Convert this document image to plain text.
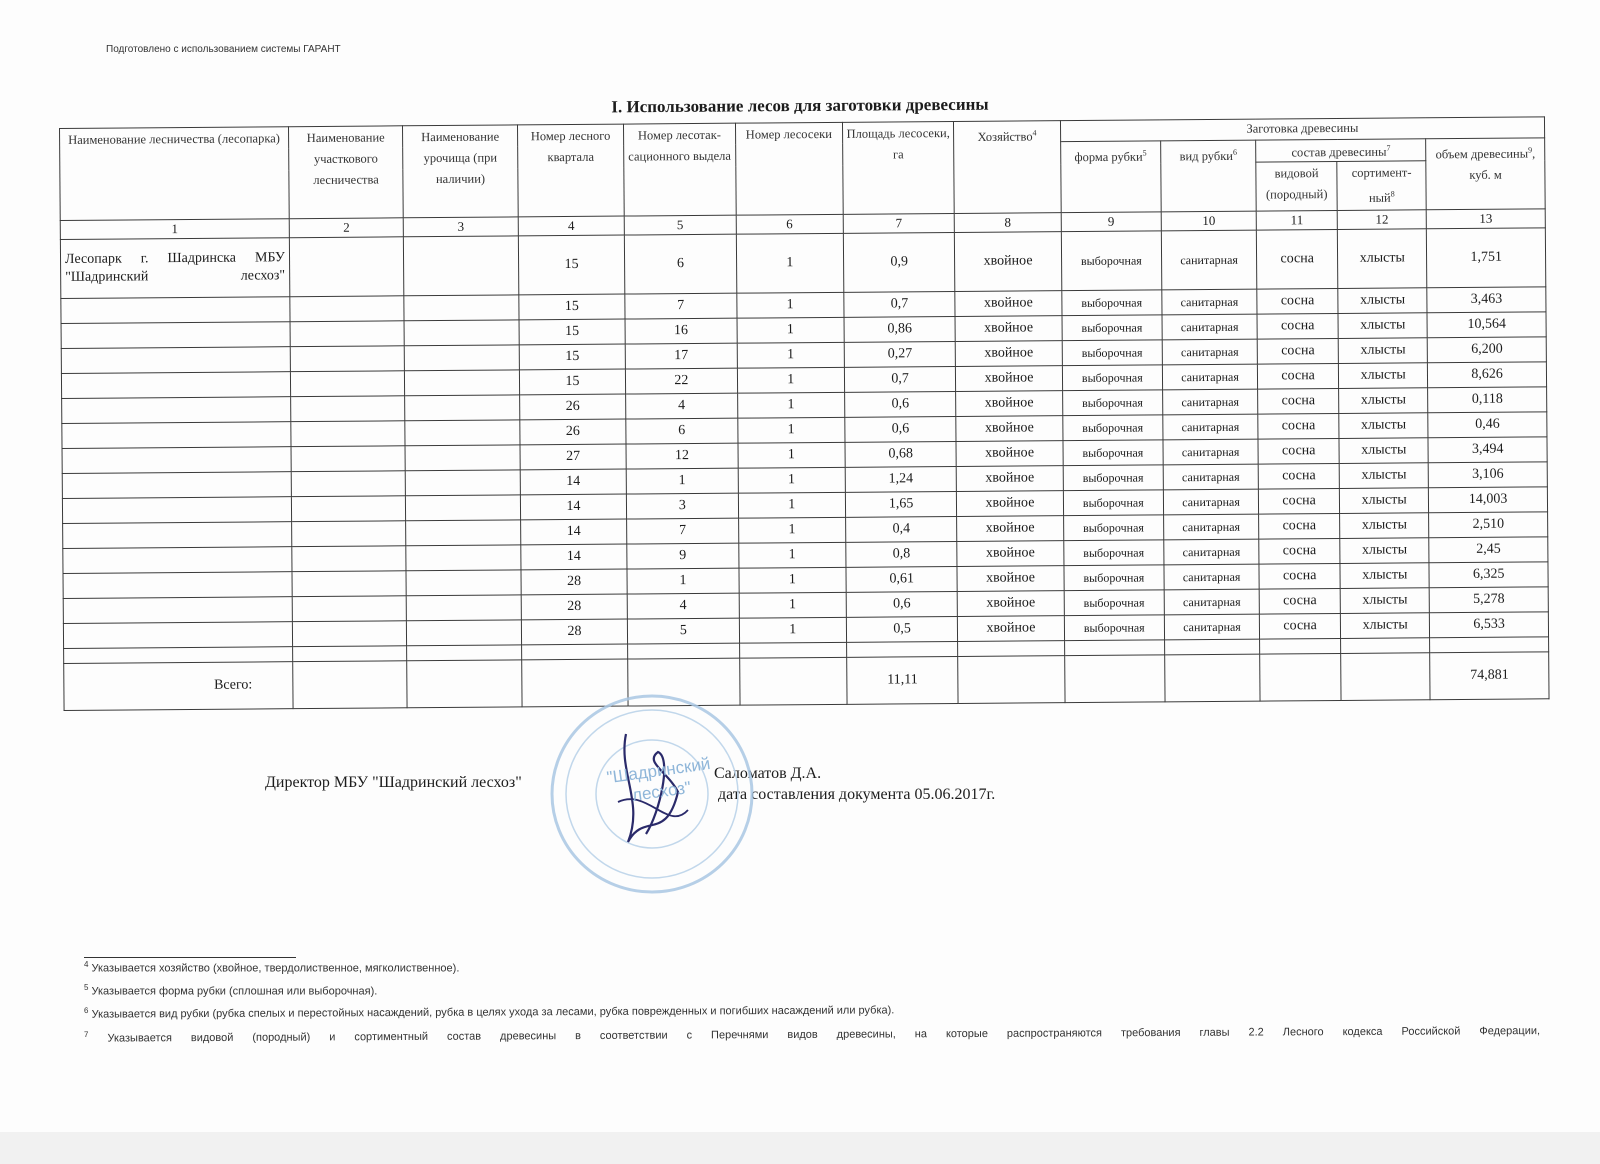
Подготовлено с использованием системы ГАРАНТ
I. Использование лесов для заготовки древесины
Наименование лесничества (лесопарка)	Наименование участкового лесничества	Наименование урочища (при наличии)	Номер лесного квартала	Номер лесотак-сационного выдела	Номер лесосеки	Площадь лесосеки, га	Хозяйство$^4$	Заготовка древесины				
								форма рубки$^5$	вид рубки$^6$	состав древесины$^7$		объем древесины$^9$, куб. м
										видовой (породный)	сортимент-ный$^8$
1	2	3	4	5	6	7	8	9	10	11	12	13
Лесопарк г. Шадринска МБУ "Шадринский лесхоз"			15	6	1	0,9	хвойное	выборочная	санитарная	сосна	хлысты	1,751
			15	7	1	0,7	хвойное	выборочная	санитарная	сосна	хлысты	3,463
			15	16	1	0,86	хвойное	выборочная	санитарная	сосна	хлысты	10,564
			15	17	1	0,27	хвойное	выборочная	санитарная	сосна	хлысты	6,200
			15	22	1	0,7	хвойное	выборочная	санитарная	сосна	хлысты	8,626
			26	4	1	0,6	хвойное	выборочная	санитарная	сосна	хлысты	0,118
			26	6	1	0,6	хвойное	выборочная	санитарная	сосна	хлысты	0,46
			27	12	1	0,68	хвойное	выборочная	санитарная	сосна	хлысты	3,494
			14	1	1	1,24	хвойное	выборочная	санитарная	сосна	хлысты	3,106
			14	3	1	1,65	хвойное	выборочная	санитарная	сосна	хлысты	14,003
			14	7	1	0,4	хвойное	выборочная	санитарная	сосна	хлысты	2,510
			14	9	1	0,8	хвойное	выборочная	санитарная	сосна	хлысты	2,45
			28	1	1	0,61	хвойное	выборочная	санитарная	сосна	хлысты	6,325
			28	4	1	0,6	хвойное	выборочная	санитарная	сосна	хлысты	5,278
			28	5	1	0,5	хвойное	выборочная	санитарная	сосна	хлысты	6,533

Всего:						11,11						74,881
Директор МБУ "Шадринский лесхоз"
Саломатов Д.А.
дата составления документа 05.06.2017г.
"Шадринский лесхоз"
$^4$ Указывается хозяйство (хвойное, твердолиственное, мягколиственное).
$^5$ Указывается форма рубки (сплошная или выборочная).
$^6$ Указывается вид рубки (рубка спелых и перестойных насаждений, рубка в целях ухода за лесами, рубка поврежденных и погибших насаждений или рубка).
$^7$ Указывается видовой (породный) и сортиментный состав древесины в соответствии с Перечнями видов древесины, на которые распространяются требования главы 2.2 Лесного кодекса Российской Федерации,
